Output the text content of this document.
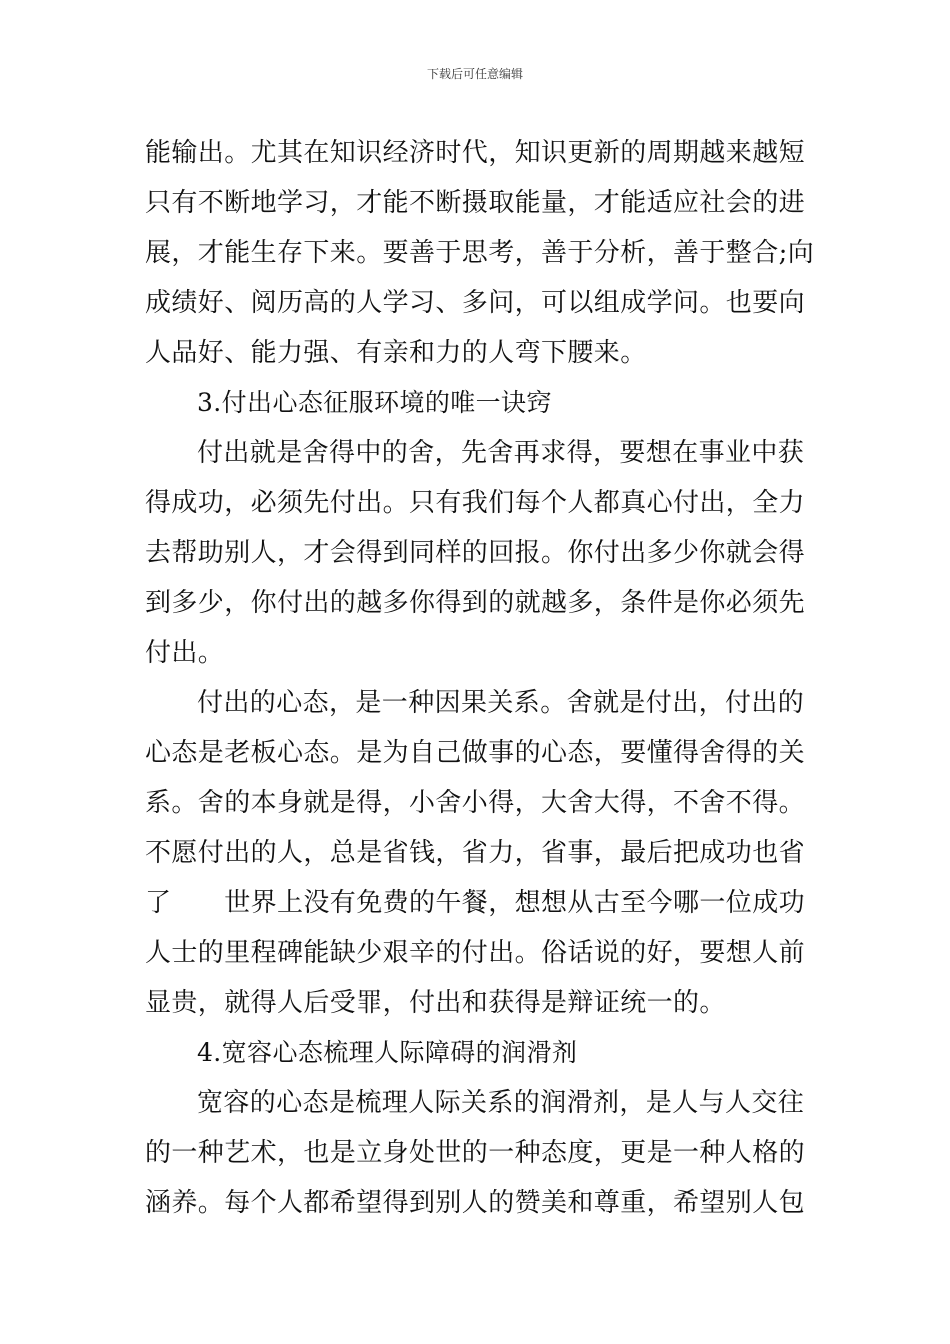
下载后可任意编辑
能输出。尤其在知识经济时代，知识更新的周期越来越短
只有不断地学习，才能不断摄取能量，才能适应社会的进
展，才能生存下来。要善于思考，善于分析，善于整合;向
成绩好、阅历高的人学习、多问，可以组成学问。也要向
人品好、能力强、有亲和力的人弯下腰来。
3.付出心态征服环境的唯一诀窍
付出就是舍得中的舍，先舍再求得，要想在事业中获
得成功，必须先付出。只有我们每个人都真心付出，全力
去帮助别人，才会得到同样的回报。你付出多少你就会得
到多少，你付出的越多你得到的就越多，条件是你必须先
付出。
付出的心态，是一种因果关系。舍就是付出，付出的
心态是老板心态。是为自己做事的心态，要懂得舍得的关
系。舍的本身就是得，小舍小得，大舍大得，不舍不得。
不愿付出的人，总是省钱，省力，省事，最后把成功也省
了　　世界上没有免费的午餐，想想从古至今哪一位成功
人士的里程碑能缺少艰辛的付出。俗话说的好，要想人前
显贵，就得人后受罪，付出和获得是辩证统一的。
4.宽容心态梳理人际障碍的润滑剂
宽容的心态是梳理人际关系的润滑剂，是人与人交往
的一种艺术，也是立身处世的一种态度，更是一种人格的
涵养。每个人都希望得到别人的赞美和尊重，希望别人包
